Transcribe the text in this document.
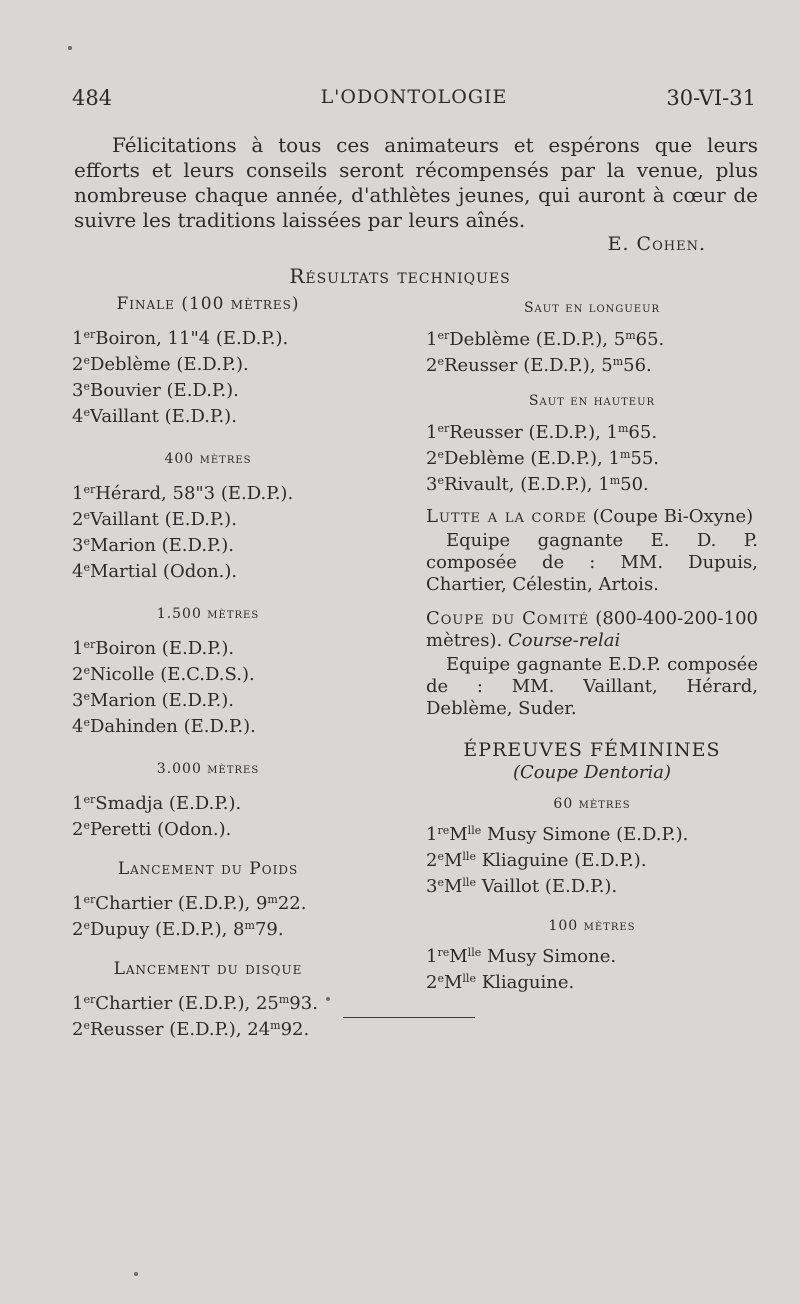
484	L'ODONTOLOGIE	30-VI-31
Félicitations à tous ces animateurs et espérons que leurs efforts et leurs conseils seront récompensés par la venue, plus nombreuse chaque année, d'athlètes jeunes, qui auront à cœur de suivre les traditions laissées par leurs aînés.
E. Cohen.
Résultats techniques
Finale (100 mètres)
1erBoiron, 11"4 (E.D.P.).
2eDeblème (E.D.P.).
3eBouvier (E.D.P.).
4eVaillant (E.D.P.).
400 mètres
1erHérard, 58"3 (E.D.P.).
2eVaillant (E.D.P.).
3eMarion (E.D.P.).
4eMartial (Odon.).
1.500 mètres
1erBoiron (E.D.P.).
2eNicolle (E.C.D.S.).
3eMarion (E.D.P.).
4eDahinden (E.D.P.).
3.000 mètres
1erSmadja (E.D.P.).
2ePeretti (Odon.).
Lancement du Poids
1erChartier (E.D.P.), 9$^m$22.
2eDupuy (E.D.P.), 8$^m$79.
Lancement du disque
1erChartier (E.D.P.), 25$^m$93.
2eReusser (E.D.P.), 24$^m$92.
Saut en longueur
1erDeblème (E.D.P.), 5$^m$65.
2eReusser (E.D.P.), 5$^m$56.
Saut en hauteur
1erReusser (E.D.P.), 1$^m$65.
2eDeblème (E.D.P.), 1$^m$55.
3eRivault, (E.D.P.), 1$^m$50.
Lutte a la corde (Coupe Bi-Oxyne)
Equipe gagnante E. D. P. composée de : MM. Dupuis, Chartier, Célestin, Artois.
Coupe du Comité (800-400-200-100 mètres). Course-relai
Equipe gagnante E.D.P. composée de : MM. Vaillant, Hérard, Deblème, Suder.
ÉPREUVES FÉMININES
(Coupe Dentoria)
60 mètres
$1reM^{lle}$ Musy Simone (E.D.P.).
$2eM^{lle}$ Kliaguine (E.D.P.).
$3eM^{lle}$ Vaillot (E.D.P.).
100 mètres
$1reM^{lle}$ Musy Simone.
$2eM^{lle}$ Kliaguine.
